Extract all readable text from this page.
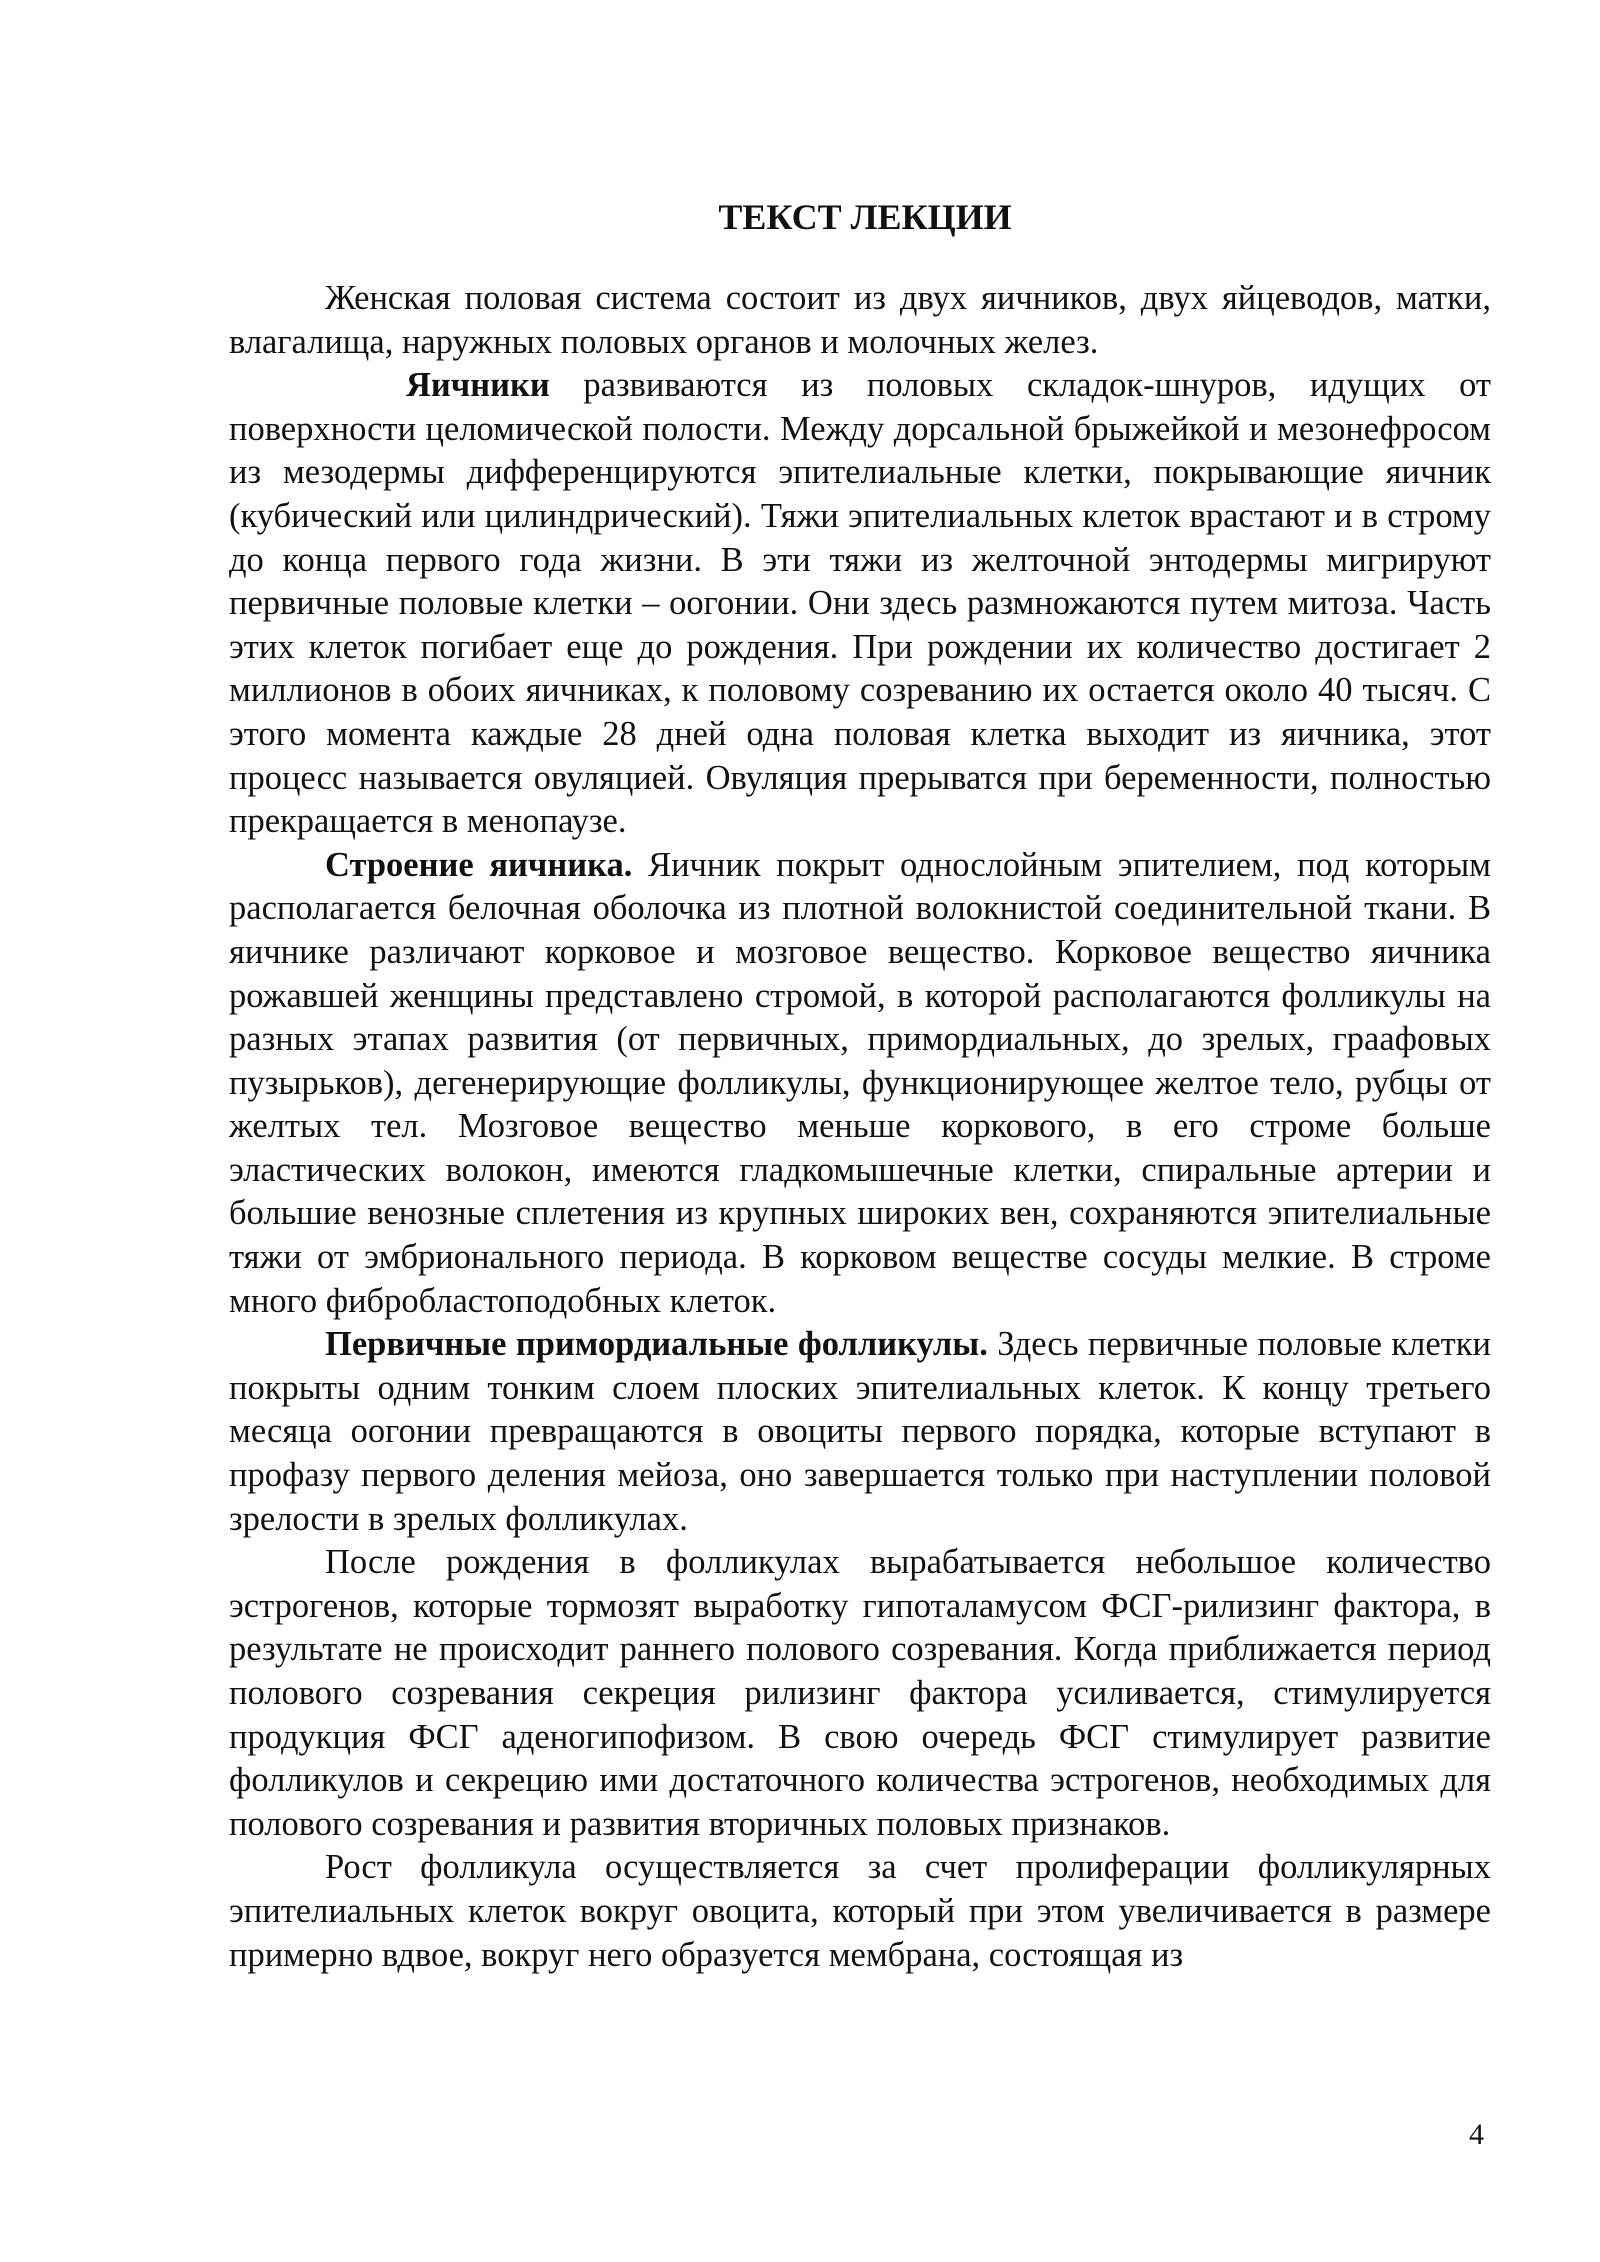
ТЕКСТ ЛЕКЦИИ

Женская половая система состоит из двух яичников, двух яйцеводов, матки, влагалища, наружных половых органов и молочных желез.

Яичники развиваются из половых складок-шнуров, идущих от поверхности целомической полости. Между дорсальной брыжейкой и мезонефросом из мезодермы дифференцируются эпителиальные клетки, покрывающие яичник (кубический или цилиндрический). Тяжи эпителиальных клеток врастают и в строму до конца первого года жизни. В эти тяжи из желточной энтодермы мигрируют первичные половые клетки – оогонии. Они здесь размножаются путем митоза. Часть этих клеток погибает еще до рождения. При рождении их количество достигает 2 миллионов в обоих яичниках, к половому созреванию их остается около 40 тысяч. С этого момента каждые 28 дней одна половая клетка выходит из яичника, этот процесс называется овуляцией. Овуляция прерыватся при беременности, полностью прекращается в менопаузе.

Строение яичника. Яичник покрыт однослойным эпителием, под которым располагается белочная оболочка из плотной волокнистой соединительной ткани. В яичнике различают корковое и мозговое вещество. Корковое вещество яичника рожавшей женщины представлено стромой, в которой располагаются фолликулы на разных этапах развития (от первичных, примордиальных, до зрелых, граафовых пузырьков), дегенерирующие фолликулы, функционирующее желтое тело, рубцы от желтых тел. Мозговое вещество меньше коркового, в его строме больше эластических волокон, имеются гладкомышечные клетки, спиральные артерии и большие венозные сплетения из крупных широких вен, сохраняются эпителиальные тяжи от эмбрионального периода. В корковом веществе сосуды мелкие. В строме много фибробластоподобных клеток.

Первичные примордиальные фолликулы. Здесь первичные половые клетки покрыты одним тонким слоем плоских эпителиальных клеток. К концу третьего месяца оогонии превращаются в овоциты первого порядка, которые вступают в профазу первого деления мейоза, оно завершается только при наступлении половой зрелости в зрелых фолликулах.

После рождения в фолликулах вырабатывается небольшое количество эстрогенов, которые тормозят выработку гипоталамусом ФСГ-рилизинг фактора, в результате не происходит раннего полового созревания. Когда приближается период полового созревания секреция рилизинг фактора усиливается, стимулируется продукция ФСГ аденогипофизом. В свою очередь ФСГ стимулирует развитие фолликулов и секрецию ими достаточного количества эстрогенов, необходимых для полового созревания и развития вторичных половых признаков.

Рост фолликула осуществляется за счет пролиферации фолликулярных эпителиальных клеток вокруг овоцита, который при этом увеличивается в размере примерно вдвое, вокруг него образуется мембрана, состоящая из

4
